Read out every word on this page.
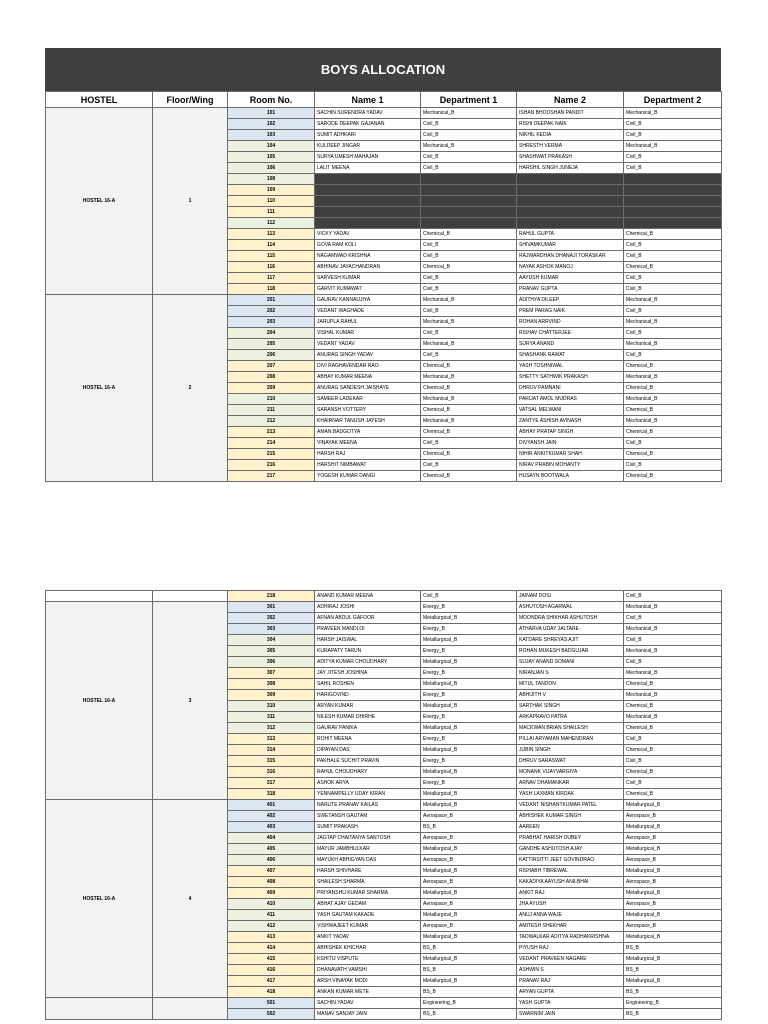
BOYS ALLOCATION
HOSTEL	Floor/Wing	Room No.	Name 1	Department 1	Name 2	Department 2
HOSTEL 16-A	1	101	SACHIN SURENDRA YADAV	Mechanical_B	ISHAN BHOOSHAN PANDIT	Mechanical_B
		102	SARODE DEEPAK GAJANAN	Civil_B	RISHI DEEPAK NAIK	Civil_B
		103	SUMIT ADHKARI	Civil_B	NIKHIL KEDIA	Civil_B
		104	KULDEEP JINGAR	Mechanical_B	SHRESTH VERMA	Mechanical_B
		105	SURYA UMESH MAHAJAN	Civil_B	SHASHWAT PRAKASH	Civil_B
		106	LALIT MEENA	Civil_B	HARSHIL SINGH JUNEJA	Civil_B
		108				
		109				
		110				
		111				
		112				
		113	VICKY YADAV	Chemical_B	RAHUL GUPTA	Chemical_B
		114	GOVA RAM KOLI	Civil_B	SHIVAMKUMAR	Civil_B
		115	NAGAMWAD KRISHNA	Civil_B	RAJWARDHAN DHANAJI TORASKAR	Civil_B
		116	ABHINAV JAYACHANDRAN	Chemical_B	NAYAK ASHOK MANOJ	Chemical_B
		117	SARVESH KUMAR	Civil_B	AAYUSH KUMAR	Civil_B
		118	GARVIT KUMAWAT	Civil_B	PRANAV GUPTA	Civil_B
HOSTEL 16-A	2	201	GAURAV KANNAUJIYA	Mechanical_B	ADITHYA DILEEP	Mechanical_B
		202	VEDANT WAGHADE	Civil_B	PREM PARAG NAIK	Civil_B
		203	JARUPLA RAHUL	Mechanical_B	ROHAN ARRVIND	Mechanical_B
		204	VISHAL KUMAR	Civil_B	RISHAV CHATTERJEE	Civil_B
		205	VEDANT YADAV	Mechanical_B	SURYA ANAND	Mechanical_B
		206	ANURAG SINGH YADAV	Civil_B	SHASHANK RAWAT	Civil_B
		207	DIVI RAGHAVENDAR RAO	Chemical_B	YASH TOSHNIWAL	Chemical_B
		208	ABHAY KUMAR MEENA	Mechanical_B	SHETTY SATHWIK PRAKASH	Mechanical_B
		209	ANURAG SANDESH JAISHAYE	Chemical_B	DHRUV PAMNANI	Chemical_B
		210	SAMEER LADEKAR	Mechanical_B	PARIJAT AMOL MUDRAS	Mechanical_B
		211	SARANSH VOTTERY	Chemical_B	VATSAL MELWANI	Chemical_B
		212	KHAIRNAR TANUSH JAYESH	Mechanical_B	ZANTYE ASHISH AVINASH	Mechanical_B
		213	AMAN BADGOTYA	Chemical_B	ABHAY PRATAP SINGH	Chemical_B
		214	VINAYAK MEENA	Civil_B	DIVYANSH JAIN	Civil_B
		215	HARSH RAJ	Chemical_B	NIHIR ANKITKUMAR SHAH	Chemical_B
		216	HARSHIT NIMBAWAT	Civil_B	NIRAV PRABIN MOHANTY	Civil_B
		217	YOGESH KUMAR DANGI	Chemical_B	HUSAYN BOOTWALA	Chemical_B
		218	ANAND KUMAR MEENA	Civil_B	JAINAM DOSI	Civil_B
HOSTEL 16-A	3	301	ADHIRAJ JOSHI	Energy_B	ASHUTOSH AGARWAL	Mechanical_B
		302	AFNAN ABDUL GAFOOR	Metallurgical_B	MOONDRA SHIKHAR ASHUTOSH	Civil_B
		303	PRAVEEN MANDLOI	Energy_B	ATHARVA UDAY JALTARE	Mechanical_B
		304	HARSH JAISWAL	Metallurgical_B	KATDARE SHREYAS AJIT	Civil_B
		305	KURAPATY TARUN	Energy_B	ROHAN MUKESH BADGUJAR	Mechanical_B
		306	ADITYA KUMAR CHOUDHARY	Metallurgical_B	SUJAY ANAND SOMANI	Civil_B
		307	JAY JITESH JOSHINA	Energy_B	NIRANJAN S	Mechanical_B
		308	SAHIL ROSHEN	Metallurgical_B	MITUL TANDON	Chemical_B
		309	HARIGOVIND	Energy_B	ABHIJITH V	Mechanical_B
		310	ARYAN KUMAR	Metallurgical_B	SARTHAK SINGH	Chemical_B
		311	NILESH KUMAR DHIRHE	Energy_B	ARKAPRAVO PATRA	Mechanical_B
		312	GAURAV PANIKA	Metallurgical_B	MACKWAN BRIAN SHAILESH	Chemical_B
		313	ROHIT MEENA	Energy_B	PILLAI ARYAMAN MAHENDRAN	Civil_B
		314	DIPAYAN DAS	Metallurgical_B	JUBIN SINGH	Chemical_B
		315	PAKHALE SUCHIT PRAVIN	Energy_B	DHRUV SARASWAT	Civil_B
		316	RAHUL CHOUDHARY	Metallurgical_B	MONANK VIJAYVARGIYA	Chemical_B
		317	ASHOK ARYA	Energy_B	ARNAV DHAMANKAR	Civil_B
		318	YENNAMPELLY UDAY KIRAN	Metallurgical_B	YASH LAXMAN KIRDAK	Chemical_B
HOSTEL 16-A	4	401	NARUTE PRANAV KAILAS	Metallurgical_B	VEDANT NISHANTKUMAR PATEL	Metallurgical_B
		402	SWETANSH GAUTAM	Aerospace_B	ABHISHEK KUMAR SINGH	Aerospace_B
		403	SUMIT PRAKASH	BS_B	AAREEN	Metallurgical_B
		404	JAGTAP CHAITANYA SANTOSH	Aerospace_B	PRABHAT HARISH DUBEY	Aerospace_B
		405	MAYUR JAMBHULKAR	Metallurgical_B	GANDHE ASHUTOSH AJAY	Metallurgical_B
		406	MAYUKH ABHIGYAN DAS	Aerospace_B	KATTIRSITTI JEET GOVINDRAO	Aerospace_B
		407	HARSH SHIVHARE	Metallurgical_B	RISHABH TIBREWAL	Metallurgical_B
		408	SHAILESH SHARMA	Aerospace_B	KAKADIYA AAYUSH ANILBHAI	Aerospace_B
		409	PRIYANSHU KUMAR SHARMA	Metallurgical_B	ANKIT RAJ	Metallurgical_B
		410	ABHAT AJAY GEDAM	Aerospace_B	JHA AYUSH	Aerospace_B
		411	YASH GAUTAM KAKADE	Metallurgical_B	ANUJ ANNA WAJE	Metallurgical_B
		412	VISHWAJEET KUMAR	Aerospace_B	AMITESH SHEKHAR	Aerospace_B
		413	ANKIT YADAV	Metallurgical_B	TADWALKAR ADITYA RADHAKRISHNA	Metallurgical_B
		414	ABHISHEK KHICHAR	BS_B	PIYUSH RAJ	BS_B
		415	KSHITIJ VISPUTE	Metallurgical_B	VEDANT PRAVEEN NAGARE	Metallurgical_B
		416	DHANAVATH VAMSHI	BS_B	ASHWIN S	BS_B
		417	ARSH VINAYAK MODI	Metallurgical_B	PRANAV RAJ	Metallurgical_B
		418	ANKAN KUMAR METE	BS_B	ARYAN GUPTA	BS_B
		501	SACHIN YADAV	Engineering_B	YASH GUPTA	Engineering_B
		502	MANAV SANJAY JAIN	BS_B	SWARNIM JAIN	BS_B
